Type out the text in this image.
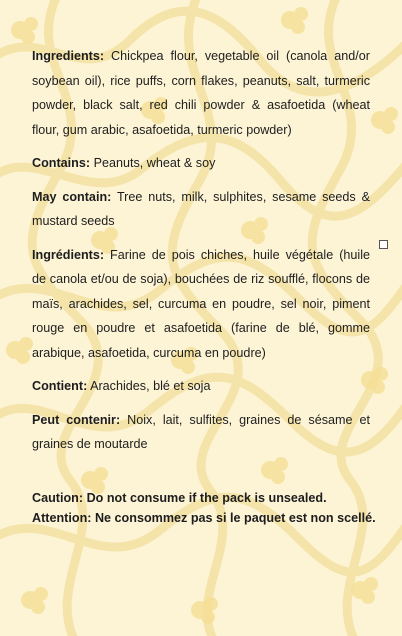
Ingredients: Chickpea flour, vegetable oil (canola and/or soybean oil), rice puffs, corn flakes, peanuts, salt, turmeric powder, black salt, red chili powder & asafoetida (wheat flour, gum arabic, asafoetida, turmeric powder)

Contains: Peanuts, wheat & soy

May contain: Tree nuts, milk, sulphites, sesame seeds & mustard seeds

Ingrédients: Farine de pois chiches, huile végétale (huile de canola et/ou de soja), bouchées de riz soufflé, flocons de maïs, arachides, sel, curcuma en poudre, sel noir, piment rouge en poudre et asafoetida (farine de blé, gomme arabique, asafoetida, curcuma en poudre)

Contient: Arachides, blé et soja

Peut contenir: Noix, lait, sulfites, graines de sésame et graines de moutarde

Caution: Do not consume if the pack is unsealed.

Attention: Ne consommez pas si le paquet est non scellé.
